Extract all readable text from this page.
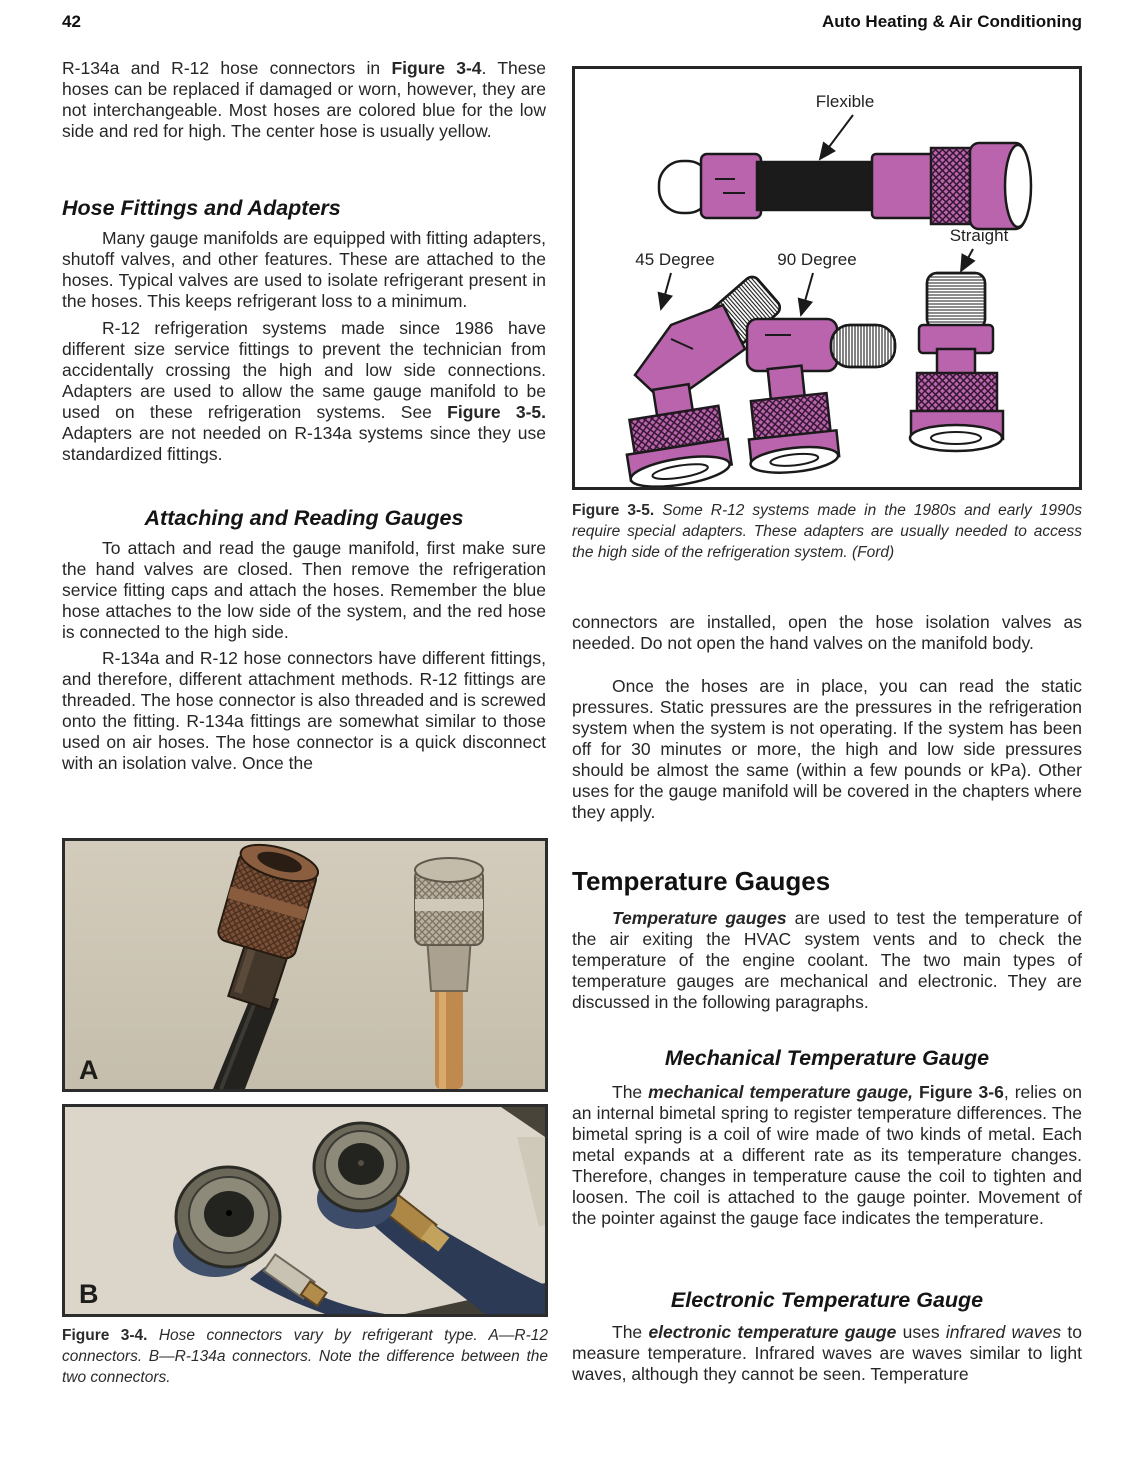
42	Auto Heating & Air Conditioning
R-134a and R-12 hose connectors in Figure 3-4. These hoses can be replaced if damaged or worn, however, they are not interchangeable. Most hoses are colored blue for the low side and red for high. The center hose is usually yellow.
Hose Fittings and Adapters
Many gauge manifolds are equipped with fitting adapters, shutoff valves, and other features. These are attached to the hoses. Typical valves are used to isolate refrigerant present in the hoses. This keeps refrigerant loss to a minimum.
R-12 refrigeration systems made since 1986 have different size service fittings to prevent the technician from accidentally crossing the high and low side connections. Adapters are used to allow the same gauge manifold to be used on these refrigeration systems. See Figure 3-5. Adapters are not needed on R-134a systems since they use standardized fittings.
Attaching and Reading Gauges
To attach and read the gauge manifold, first make sure the hand valves are closed. Then remove the refrigeration service fitting caps and attach the hoses. Remember the blue hose attaches to the low side of the system, and the red hose is connected to the high side.
R-134a and R-12 hose connectors have different fittings, and therefore, different attachment methods. R-12 fittings are threaded. The hose connector is also threaded and is screwed onto the fitting. R-134a fittings are somewhat similar to those used on air hoses. The hose connector is a quick disconnect with an isolation valve. Once the
A
B
Figure 3-4. Hose connectors vary by refrigerant type. A—R-12 connectors. B—R-134a connectors. Note the difference between the two connectors.
Flexible
45 Degree	90 Degree
Straight
Figure 3-5. Some R-12 systems made in the 1980s and early 1990s require special adapters. These adapters are usually needed to access the high side of the refrigeration system. (Ford)
connectors are installed, open the hose isolation valves as needed. Do not open the hand valves on the manifold body.
Once the hoses are in place, you can read the static pressures. Static pressures are the pressures in the refrigeration system when the system is not operating. If the system has been off for 30 minutes or more, the high and low side pressures should be almost the same (within a few pounds or kPa). Other uses for the gauge manifold will be covered in the chapters where they apply.
Temperature Gauges
Temperature gauges are used to test the temperature of the air exiting the HVAC system vents and to check the temperature of the engine coolant. The two main types of temperature gauges are mechanical and electronic. They are discussed in the following paragraphs.
Mechanical Temperature Gauge
The mechanical temperature gauge, Figure 3-6, relies on an internal bimetal spring to register temperature differences. The bimetal spring is a coil of wire made of two kinds of metal. Each metal expands at a different rate as its temperature changes. Therefore, changes in temperature cause the coil to tighten and loosen. The coil is attached to the gauge pointer. Movement of the pointer against the gauge face indicates the temperature.
Electronic Temperature Gauge
The electronic temperature gauge uses infrared waves to measure temperature. Infrared waves are waves similar to light waves, although they cannot be seen. Temperature
